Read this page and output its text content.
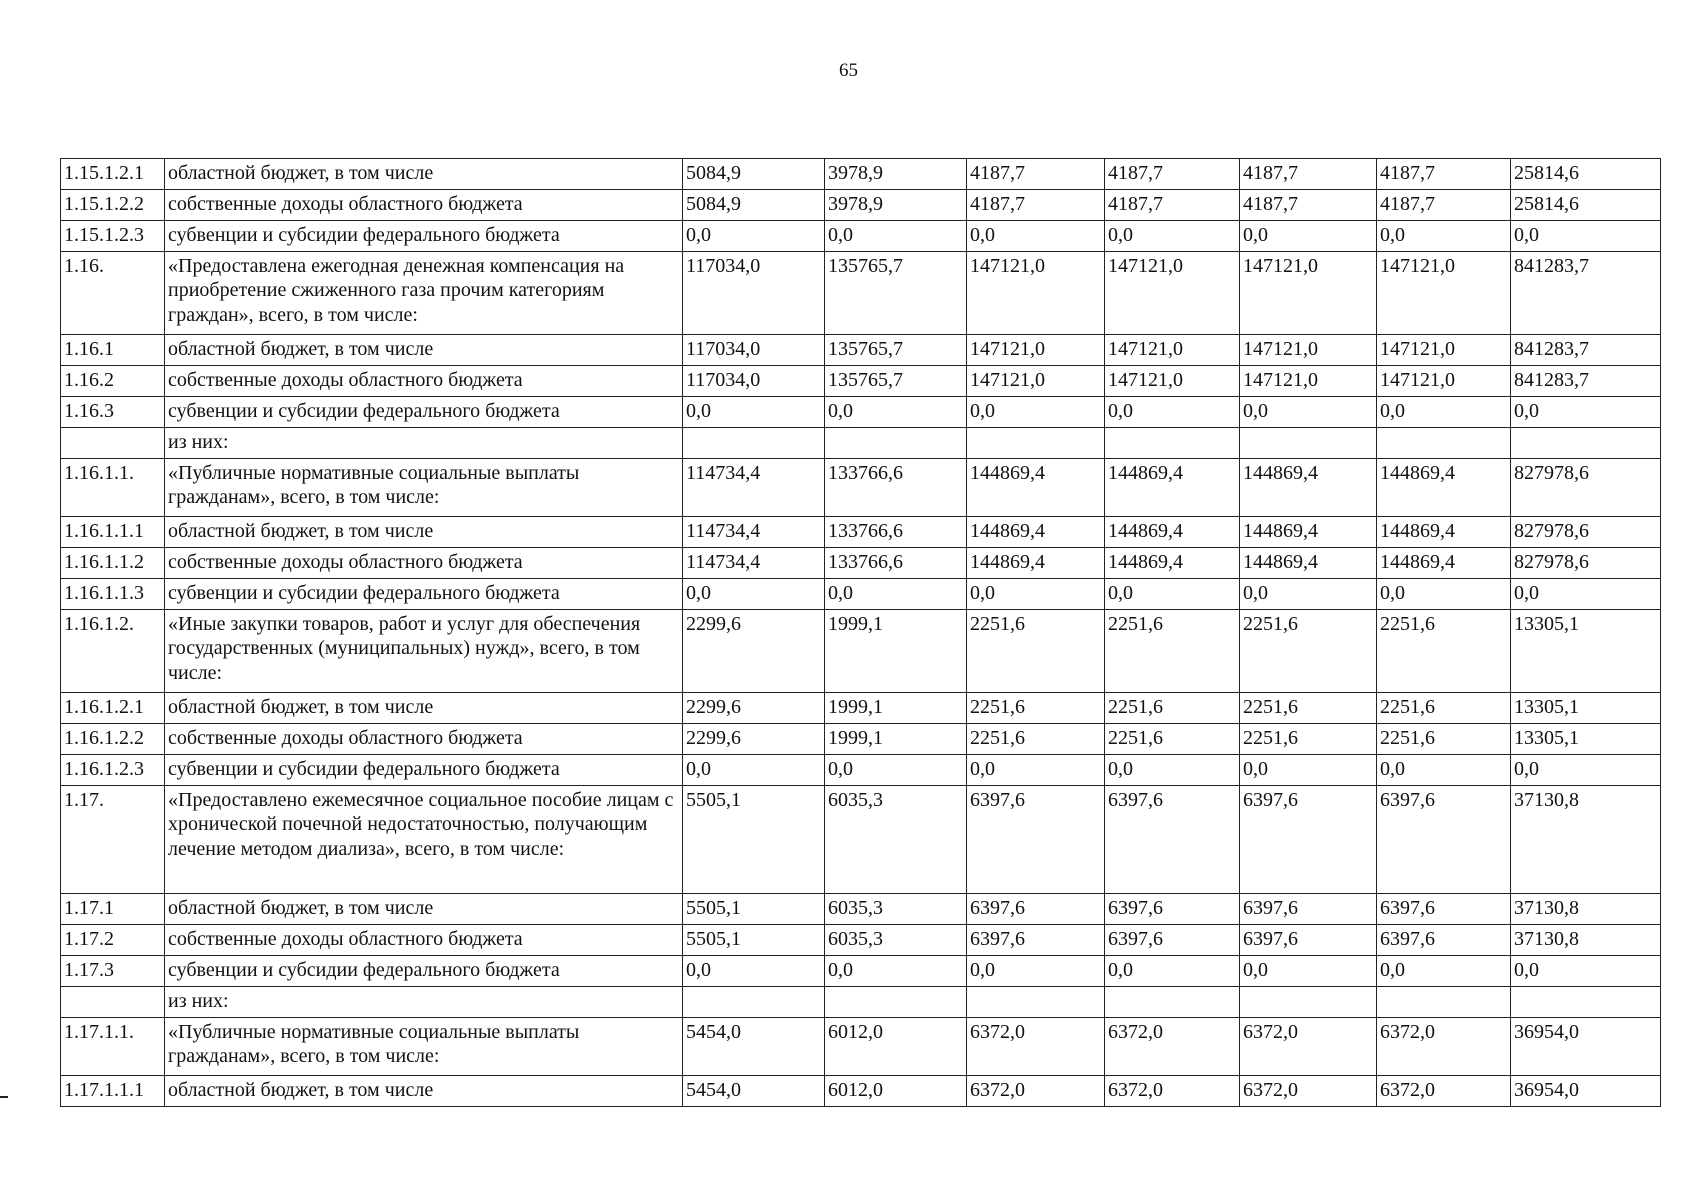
65
1.15.1.2.1	областной бюджет, в том числе	5084,9	3978,9	4187,7	4187,7	4187,7	4187,7	25814,6
1.15.1.2.2	собственные доходы областного бюджета	5084,9	3978,9	4187,7	4187,7	4187,7	4187,7	25814,6
1.15.1.2.3	субвенции и субсидии федерального бюджета	0,0	0,0	0,0	0,0	0,0	0,0	0,0
1.16.	«Предоставлена ежегодная денежная компенсация на приобретение сжиженного газа прочим категориям граждан», всего, в том числе:	117034,0	135765,7	147121,0	147121,0	147121,0	147121,0	841283,7
1.16.1	областной бюджет, в том числе	117034,0	135765,7	147121,0	147121,0	147121,0	147121,0	841283,7
1.16.2	собственные доходы областного бюджета	117034,0	135765,7	147121,0	147121,0	147121,0	147121,0	841283,7
1.16.3	субвенции и субсидии федерального бюджета	0,0	0,0	0,0	0,0	0,0	0,0	0,0
	из них:							
1.16.1.1.	«Публичные нормативные социальные выплаты гражданам», всего, в том числе:	114734,4	133766,6	144869,4	144869,4	144869,4	144869,4	827978,6
1.16.1.1.1	областной бюджет, в том числе	114734,4	133766,6	144869,4	144869,4	144869,4	144869,4	827978,6
1.16.1.1.2	собственные доходы областного бюджета	114734,4	133766,6	144869,4	144869,4	144869,4	144869,4	827978,6
1.16.1.1.3	субвенции и субсидии федерального бюджета	0,0	0,0	0,0	0,0	0,0	0,0	0,0
1.16.1.2.	«Иные закупки товаров, работ и услуг для обеспечения государственных (муниципальных) нужд», всего, в том числе:	2299,6	1999,1	2251,6	2251,6	2251,6	2251,6	13305,1
1.16.1.2.1	областной бюджет, в том числе	2299,6	1999,1	2251,6	2251,6	2251,6	2251,6	13305,1
1.16.1.2.2	собственные доходы областного бюджета	2299,6	1999,1	2251,6	2251,6	2251,6	2251,6	13305,1
1.16.1.2.3	субвенции и субсидии федерального бюджета	0,0	0,0	0,0	0,0	0,0	0,0	0,0
1.17.	«Предоставлено ежемесячное социальное пособие лицам с хронической почечной недостаточностью, получающим лечение методом диализа», всего, в том числе:	5505,1	6035,3	6397,6	6397,6	6397,6	6397,6	37130,8
1.17.1	областной бюджет, в том числе	5505,1	6035,3	6397,6	6397,6	6397,6	6397,6	37130,8
1.17.2	собственные доходы областного бюджета	5505,1	6035,3	6397,6	6397,6	6397,6	6397,6	37130,8
1.17.3	субвенции и субсидии федерального бюджета	0,0	0,0	0,0	0,0	0,0	0,0	0,0
	из них:							
1.17.1.1.	«Публичные нормативные социальные выплаты гражданам», всего, в том числе:	5454,0	6012,0	6372,0	6372,0	6372,0	6372,0	36954,0
1.17.1.1.1	областной бюджет, в том числе	5454,0	6012,0	6372,0	6372,0	6372,0	6372,0	36954,0
